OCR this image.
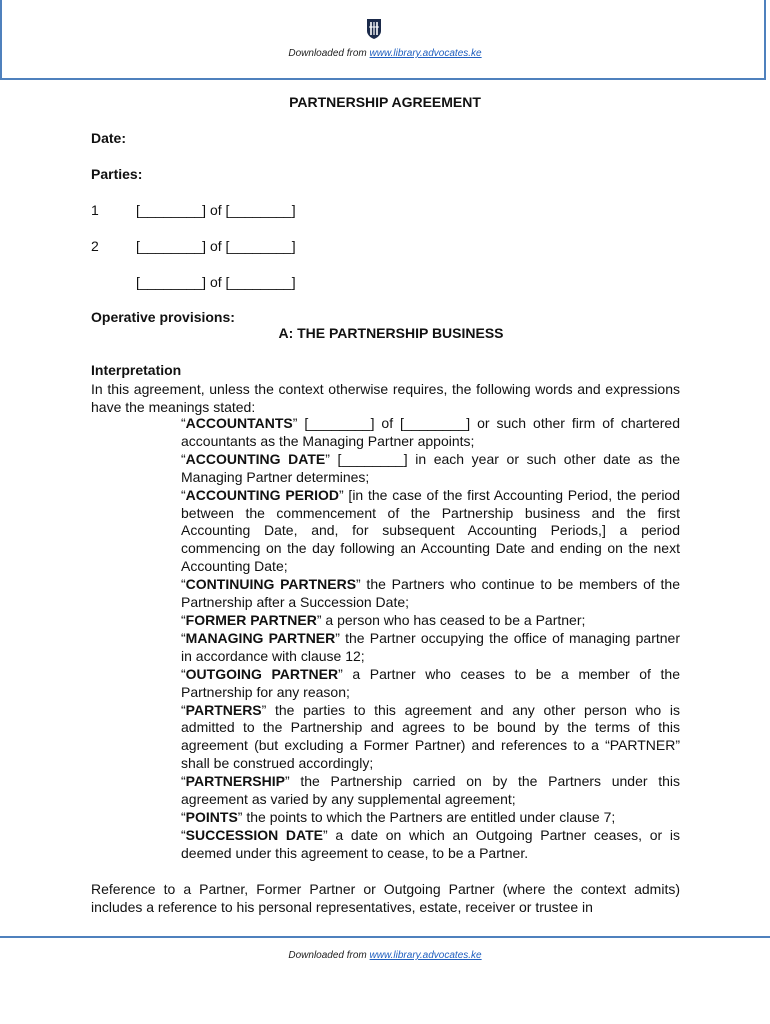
Downloaded from www.library.advocates.ke
PARTNERSHIP AGREEMENT
Date:
Parties:
1	[________] of [________]
2	[________] of [________]
[________] of [________]
Operative provisions:
A: THE PARTNERSHIP BUSINESS
Interpretation
In this agreement, unless the context otherwise requires, the following words and expressions have the meanings stated:

“ACCOUNTANTS” [________] of [________] or such other firm of chartered accountants as the Managing Partner appoints;

“ACCOUNTING DATE” [________] in each year or such other date as the Managing Partner determines;

“ACCOUNTING PERIOD” [in the case of the first Accounting Period, the period between the commencement of the Partnership business and the first Accounting Date, and, for subsequent Accounting Periods,] a period commencing on the day following an Accounting Date and ending on the next Accounting Date;

“CONTINUING PARTNERS” the Partners who continue to be members of the Partnership after a Succession Date;

“FORMER PARTNER” a person who has ceased to be a Partner;

“MANAGING PARTNER” the Partner occupying the office of managing partner in accordance with clause 12;

“OUTGOING PARTNER” a Partner who ceases to be a member of the Partnership for any reason;

“PARTNERS” the parties to this agreement and any other person who is admitted to the Partnership and agrees to be bound by the terms of this agreement (but excluding a Former Partner) and references to a “PARTNER” shall be construed accordingly;

“PARTNERSHIP” the Partnership carried on by the Partners under this agreement as varied by any supplemental agreement;

“POINTS” the points to which the Partners are entitled under clause 7;

“SUCCESSION DATE” a date on which an Outgoing Partner ceases, or is deemed under this agreement to cease, to be a Partner.

Reference to a Partner, Former Partner or Outgoing Partner (where the context admits) includes a reference to his personal representatives, estate, receiver or trustee in
Downloaded from www.library.advocates.ke
